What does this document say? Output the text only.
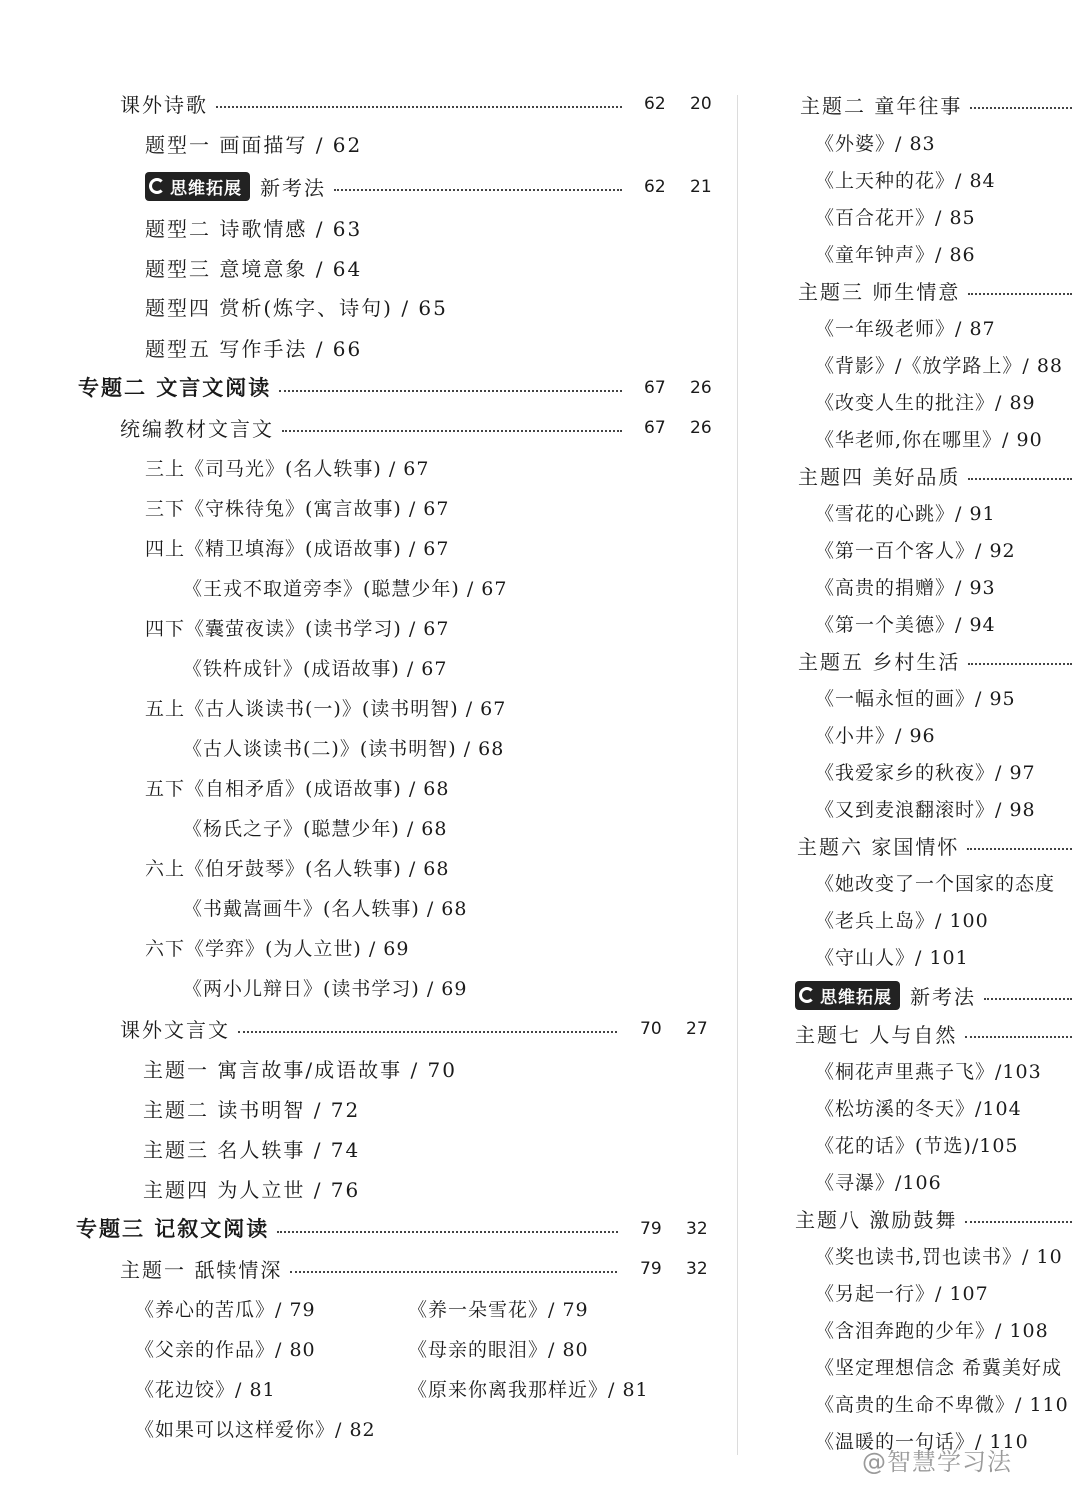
课外诗歌	62 20
题型一 画面描写 / 62
思维拓展 新考法	62 21
题型二 诗歌情感 / 63
题型三 意境意象 / 64
题型四 赏析(炼字、诗句) / 65
题型五 写作手法 / 66
专题二 文言文阅读	67 26
统编教材文言文	67 26
三上《司马光》(名人轶事) / 67
三下《守株待兔》(寓言故事) / 67
四上《精卫填海》(成语故事) / 67
《王戎不取道旁李》(聪慧少年) / 67
四下《囊萤夜读》(读书学习) / 67
《铁杵成针》(成语故事) / 67
五上《古人谈读书(一)》(读书明智) / 67
《古人谈读书(二)》(读书明智) / 68
五下《自相矛盾》(成语故事) / 68
《杨氏之子》(聪慧少年) / 68
六上《伯牙鼓琴》(名人轶事) / 68
《书戴嵩画牛》(名人轶事) / 68
六下《学弈》(为人立世) / 69
《两小儿辩日》(读书学习) / 69
课外文言文	70 27
主题一 寓言故事/成语故事 / 70
主题二 读书明智 / 72
主题三 名人轶事 / 74
主题四 为人立世 / 76
专题三 记叙文阅读	79 32
主题一 舐犊情深	79 32
《养心的苦瓜》/ 79	《养一朵雪花》/ 79
《父亲的作品》/ 80	《母亲的眼泪》/ 80
《花边饺》/ 81	《原来你离我那样近》/ 81
《如果可以这样爱你》/ 82
主题二 童年往事
《外婆》/ 83
《上天种的花》/ 84
《百合花开》/ 85
《童年钟声》/ 86
主题三 师生情意
《一年级老师》/ 87
《背影》/《放学路上》/ 88
《改变人生的批注》/ 89
《华老师,你在哪里》/ 90
主题四 美好品质
《雪花的心跳》/ 91
《第一百个客人》/ 92
《高贵的捐赠》/ 93
《第一个美德》/ 94
主题五 乡村生活
《一幅永恒的画》/ 95
《小井》/ 96
《我爱家乡的秋夜》/ 97
《又到麦浪翻滚时》/ 98
主题六 家国情怀
《她改变了一个国家的态度
《老兵上岛》/ 100
《守山人》/ 101
思维拓展 新考法
主题七 人与自然
《桐花声里燕子飞》/103
《松坊溪的冬天》/104
《花的话》(节选)/105
《寻瀑》/106
主题八 激励鼓舞
《奖也读书,罚也读书》/ 10
《另起一行》/ 107
《含泪奔跑的少年》/ 108
《坚定理想信念 希冀美好成
《高贵的生命不卑微》/ 110
《温暖的一句话》/ 110
@智慧学习法
